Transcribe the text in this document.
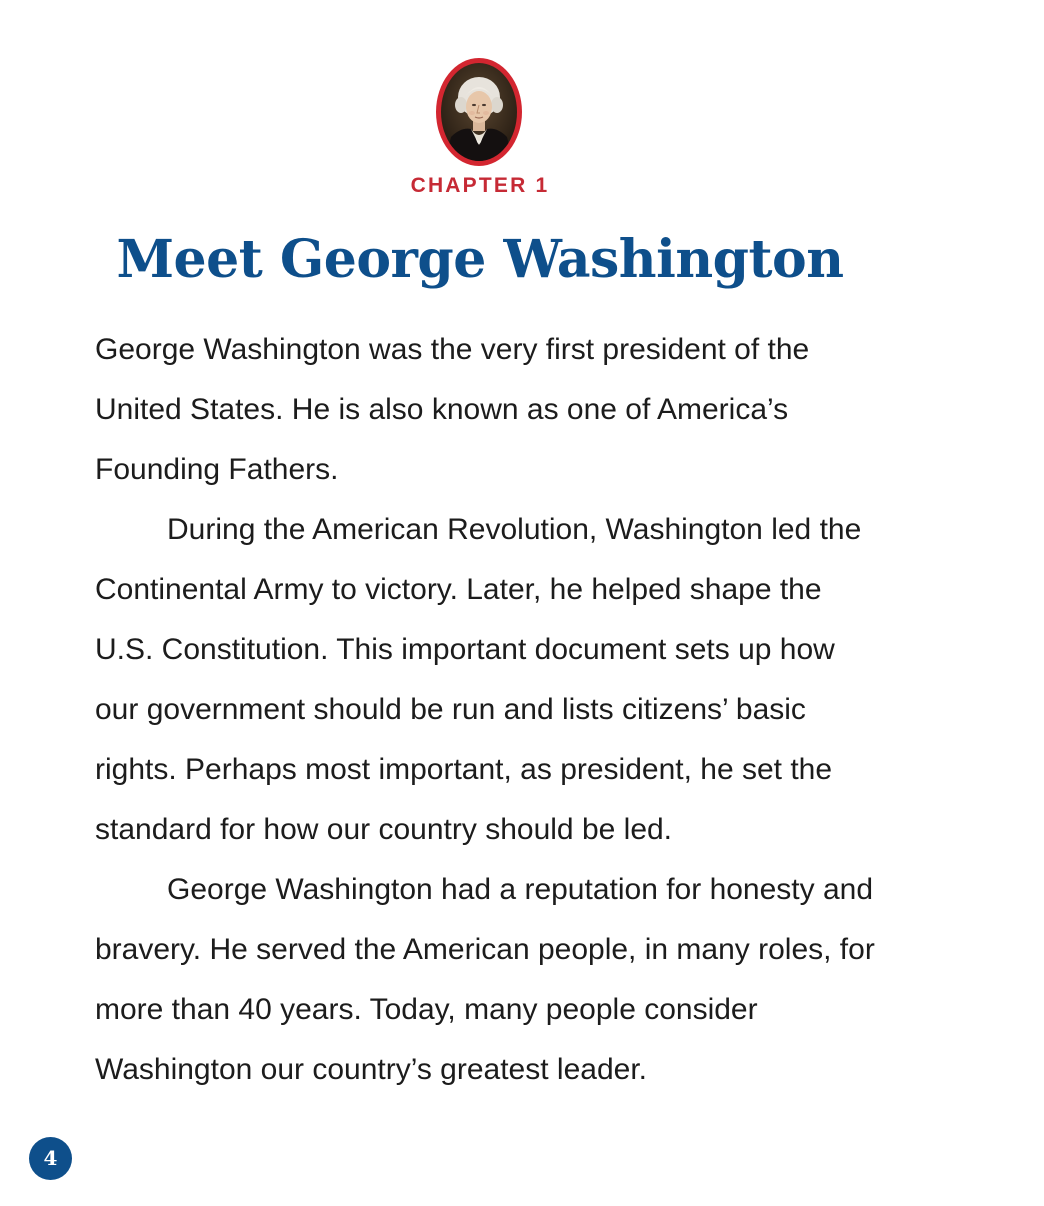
CHAPTER 1
Meet George Washington

George Washington was the very first president of the United States. He is also known as one of America’s Founding Fathers.

During the American Revolution, Washington led the Continental Army to victory. Later, he helped shape the U.S. Constitution. This important document sets up how our government should be run and lists citizens’ basic rights. Perhaps most important, as president, he set the standard for how our country should be led.

George Washington had a reputation for honesty and bravery. He served the American people, in many roles, for more than 40 years. Today, many people consider Washington our country’s greatest leader.

4
